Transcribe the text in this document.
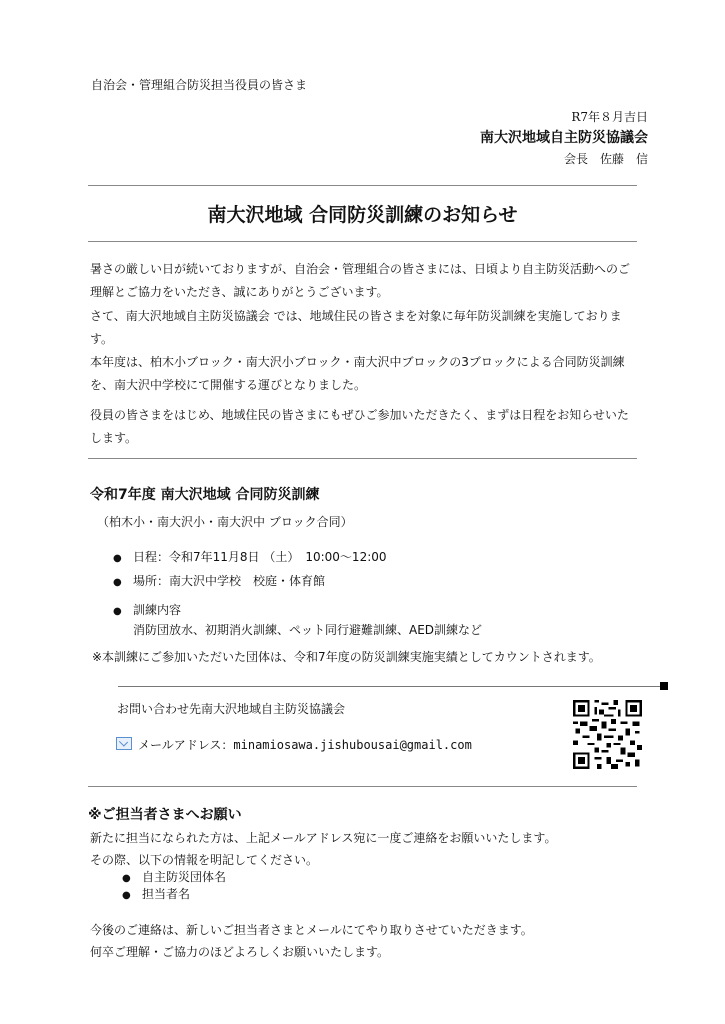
自治会・管理組合防災担当役員の皆さま
R7年８月吉日
南大沢地域自主防災協議会
会長　佐藤　信
南大沢地域 合同防災訓練のお知らせ
暑さの厳しい日が続いておりますが、自治会・管理組合の皆さまには、日頃より自主防災活動へのご理解とご協力をいただき、誠にありがとうございます。
さて、南大沢地域自主防災協議会 では、地域住民の皆さまを対象に毎年防災訓練を実施しております。
本年度は、柏木小ブロック・南大沢小ブロック・南大沢中ブロックの3ブロックによる合同防災訓練を、南大沢中学校にて開催する運びとなりました。
役員の皆さまをはじめ、地域住民の皆さまにもぜひご参加いただきたく、まずは日程をお知らせいたします。
令和7年度 南大沢地域 合同防災訓練
（柏木小・南大沢小・南大沢中 ブロック合同）
● 日程：令和7年11月8日 （土）　10:00～12:00
● 場所：南大沢中学校　校庭・体育館
● 訓練内容
消防団放水、初期消火訓練、ペット同行避難訓練、AED訓練など
※本訓練にご参加いただいた団体は、令和7年度の防災訓練実施実績としてカウントされます。
お問い合わせ先南大沢地域自主防災協議会
メールアドレス：minamiosawa.jishubousai@gmail.com
※ご担当者さまへお願い
新たに担当になられた方は、上記メールアドレス宛に一度ご連絡をお願いいたします。
その際、以下の情報を明記してください。
● 自主防災団体名
● 担当者名
今後のご連絡は、新しいご担当者さまとメールにてやり取りさせていただきます。
何卒ご理解・ご協力のほどよろしくお願いいたします。
